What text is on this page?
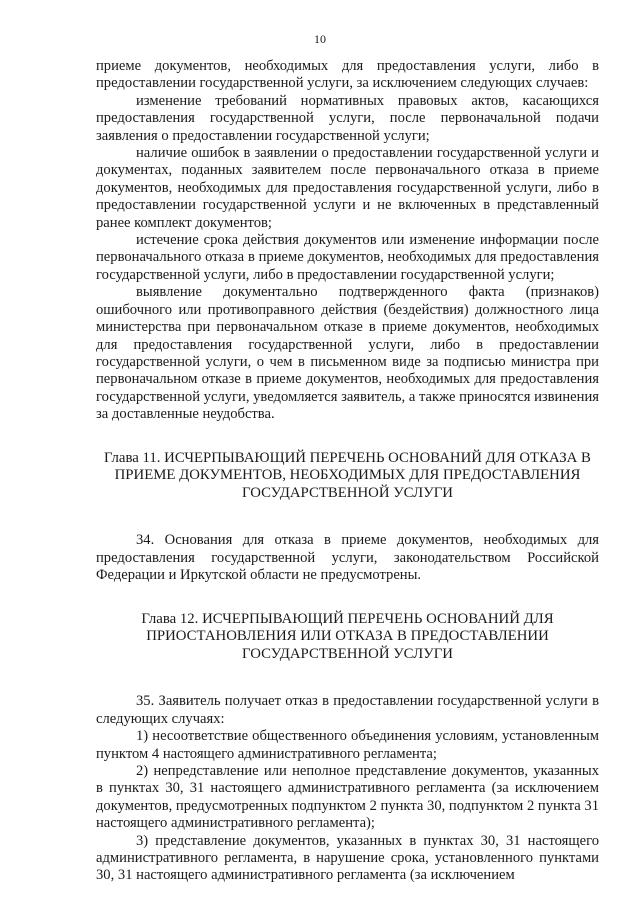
10

приеме документов, необходимых для предоставления услуги, либо в предоставлении государственной услуги, за исключением следующих случаев:

изменение требований нормативных правовых актов, касающихся предоставления государственной услуги, после первоначальной подачи заявления о предоставлении государственной услуги;

наличие ошибок в заявлении о предоставлении государственной услуги и документах, поданных заявителем после первоначального отказа в приеме документов, необходимых для предоставления государственной услуги, либо в предоставлении государственной услуги и не включенных в представленный ранее комплект документов;

истечение срока действия документов или изменение информации после первоначального отказа в приеме документов, необходимых для предоставления государственной услуги, либо в предоставлении государственной услуги;

выявление документально подтвержденного факта (признаков) ошибочного или противоправного действия (бездействия) должностного лица министерства при первоначальном отказе в приеме документов, необходимых для предоставления государственной услуги, либо в предоставлении государственной услуги, о чем в письменном виде за подписью министра при первоначальном отказе в приеме документов, необходимых для предоставления государственной услуги, уведомляется заявитель, а также приносятся извинения за доставленные неудобства.

Глава 11. ИСЧЕРПЫВАЮЩИЙ ПЕРЕЧЕНЬ ОСНОВАНИЙ ДЛЯ ОТКАЗА В ПРИЕМЕ ДОКУМЕНТОВ, НЕОБХОДИМЫХ ДЛЯ ПРЕДОСТАВЛЕНИЯ ГОСУДАРСТВЕННОЙ УСЛУГИ

34. Основания для отказа в приеме документов, необходимых для предоставления государственной услуги, законодательством Российской Федерации и Иркутской области не предусмотрены.

Глава 12. ИСЧЕРПЫВАЮЩИЙ ПЕРЕЧЕНЬ ОСНОВАНИЙ ДЛЯ ПРИОСТАНОВЛЕНИЯ ИЛИ ОТКАЗА В ПРЕДОСТАВЛЕНИИ ГОСУДАРСТВЕННОЙ УСЛУГИ

35. Заявитель получает отказ в предоставлении государственной услуги в следующих случаях:

1) несоответствие общественного объединения условиям, установленным пунктом 4 настоящего административного регламента;

2) непредставление или неполное представление документов, указанных в пунктах 30, 31 настоящего административного регламента (за исключением документов, предусмотренных подпунктом 2 пункта 30, подпунктом 2 пункта 31 настоящего административного регламента);

3) представление документов, указанных в пунктах 30, 31 настоящего административного регламента, в нарушение срока, установленного пунктами 30, 31 настоящего административного регламента (за исключением
